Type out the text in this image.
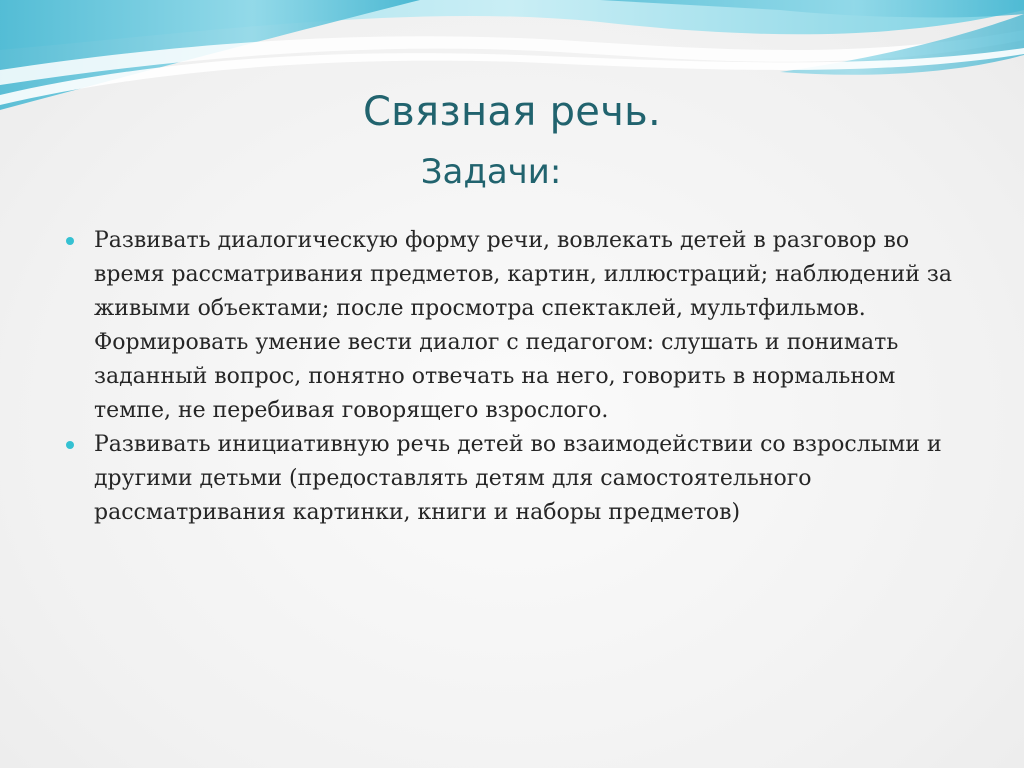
Связная речь.
Задачи:
Развивать диалогическую форму речи, вовлекать детей в разговор во время рассматривания предметов, картин, иллюстраций; наблюдений за живыми объектами; после просмотра спектаклей, мультфильмов. Формировать умение вести диалог с педагогом: слушать и понимать заданный вопрос, понятно отвечать на него, говорить в нормальном темпе, не перебивая говорящего взрослого.
Развивать инициативную речь детей во взаимодействии со взрослыми и другими детьми (предоставлять детям для самостоятельного рассматривания картинки, книги и наборы предметов)
